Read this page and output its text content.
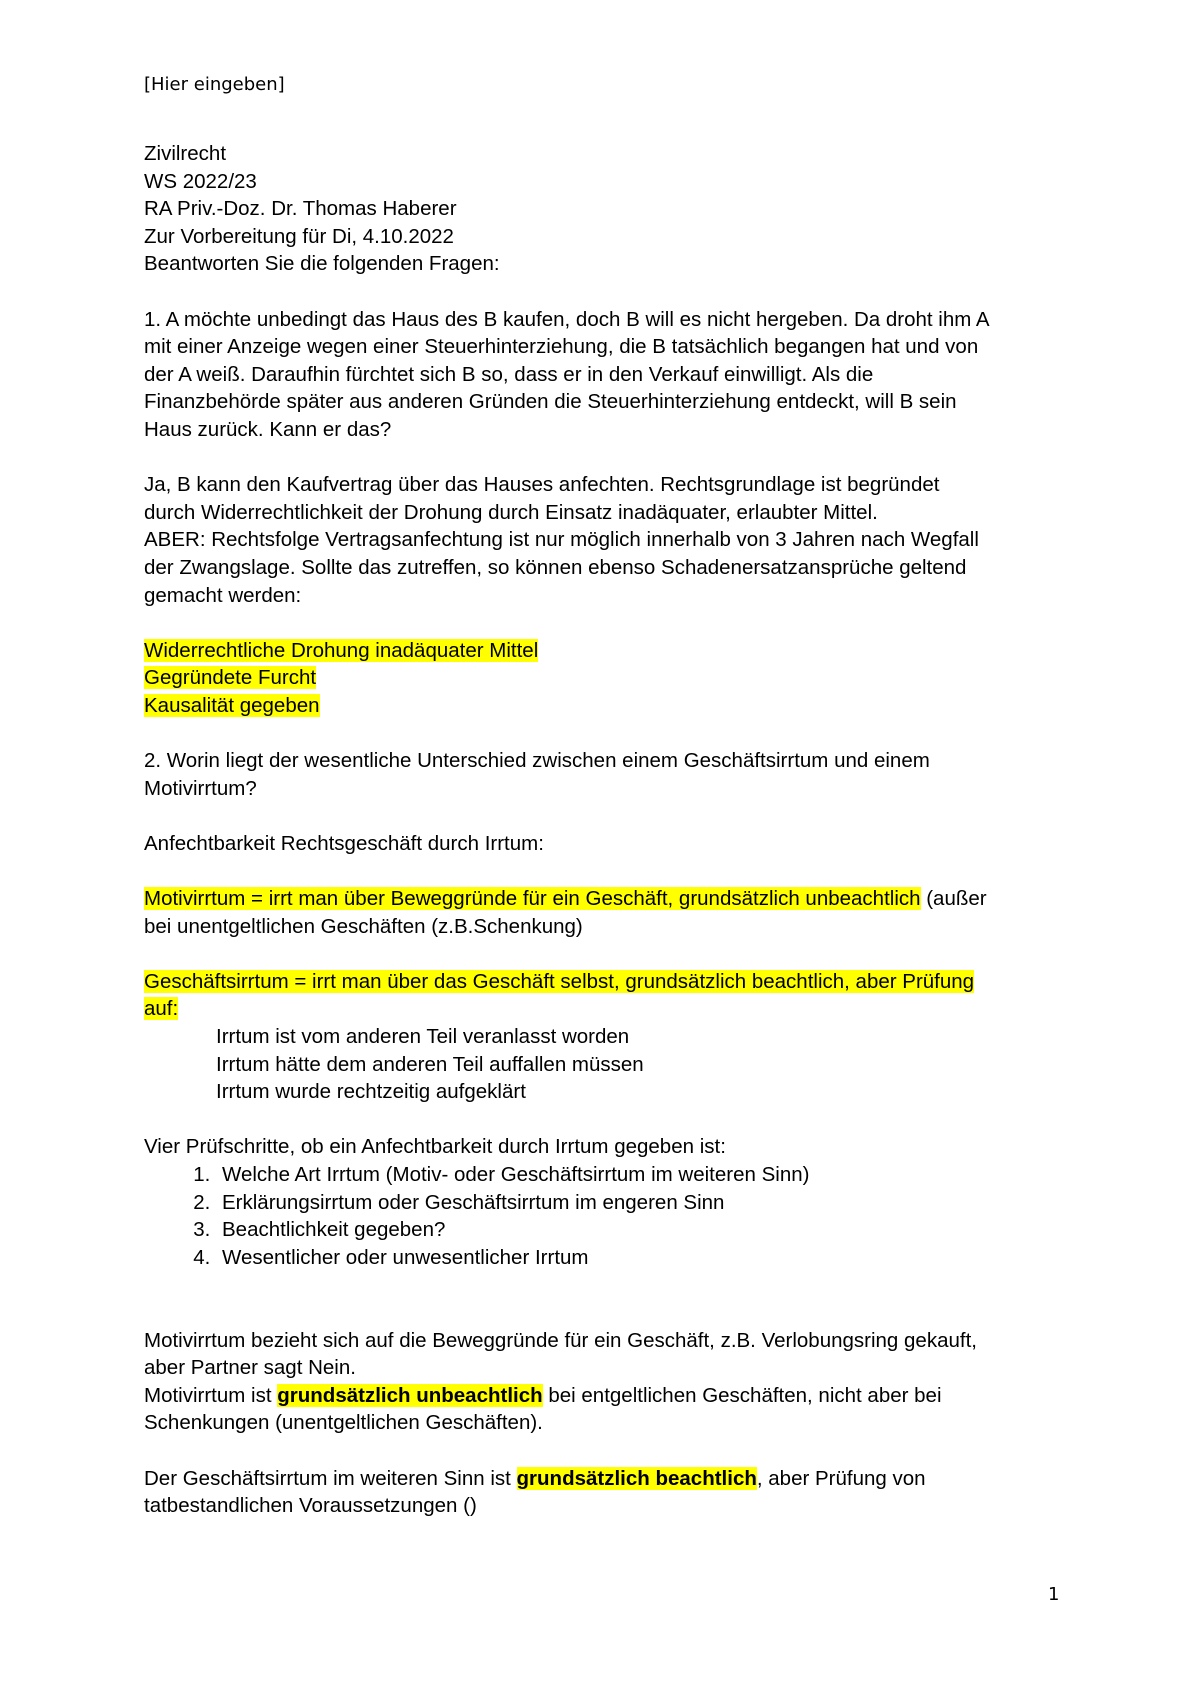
[Hier eingeben]

Zivilrecht

WS 2022/23

RA Priv.-Doz. Dr. Thomas Haberer

Zur Vorbereitung für Di, 4.10.2022

Beantworten Sie die folgenden Fragen:

1. A möchte unbedingt das Haus des B kaufen, doch B will es nicht hergeben. Da droht ihm A

mit einer Anzeige wegen einer Steuerhinterziehung, die B tatsächlich begangen hat und von

der A weiß. Daraufhin fürchtet sich B so, dass er in den Verkauf einwilligt. Als die

Finanzbehörde später aus anderen Gründen die Steuerhinterziehung entdeckt, will B sein

Haus zurück. Kann er das?

Ja, B kann den Kaufvertrag über das Hauses anfechten. Rechtsgrundlage ist begründet

durch Widerrechtlichkeit der Drohung durch Einsatz inadäquater, erlaubter Mittel.

ABER: Rechtsfolge Vertragsanfechtung ist nur möglich innerhalb von 3 Jahren nach Wegfall

der Zwangslage. Sollte das zutreffen, so können ebenso Schadenersatzansprüche geltend

gemacht werden:

Widerrechtliche Drohung inadäquater Mittel

Gegründete Furcht

Kausalität gegeben

2. Worin liegt der wesentliche Unterschied zwischen einem Geschäftsirrtum und einem

Motivirrtum?

Anfechtbarkeit Rechtsgeschäft durch Irrtum:

Motivirrtum = irrt man über Beweggründe für ein Geschäft, grundsätzlich unbeachtlich (außer

bei unentgeltlichen Geschäften (z.B.Schenkung)

Geschäftsirrtum = irrt man über das Geschäft selbst, grundsätzlich beachtlich, aber Prüfung

auf:

Irrtum ist vom anderen Teil veranlasst worden

Irrtum hätte dem anderen Teil auffallen müssen

Irrtum wurde rechtzeitig aufgeklärt

Vier Prüfschritte, ob ein Anfechtbarkeit durch Irrtum gegeben ist:

1. Welche Art Irrtum (Motiv- oder Geschäftsirrtum im weiteren Sinn)
2. Erklärungsirrtum oder Geschäftsirrtum im engeren Sinn
3. Beachtlichkeit gegeben?
4. Wesentlicher oder unwesentlicher Irrtum

Motivirrtum bezieht sich auf die Beweggründe für ein Geschäft, z.B. Verlobungsring gekauft,

aber Partner sagt Nein.

Motivirrtum ist grundsätzlich unbeachtlich bei entgeltlichen Geschäften, nicht aber bei

Schenkungen (unentgeltlichen Geschäften).

Der Geschäftsirrtum im weiteren Sinn ist grundsätzlich beachtlich, aber Prüfung von

tatbestandlichen Voraussetzungen ()

1
